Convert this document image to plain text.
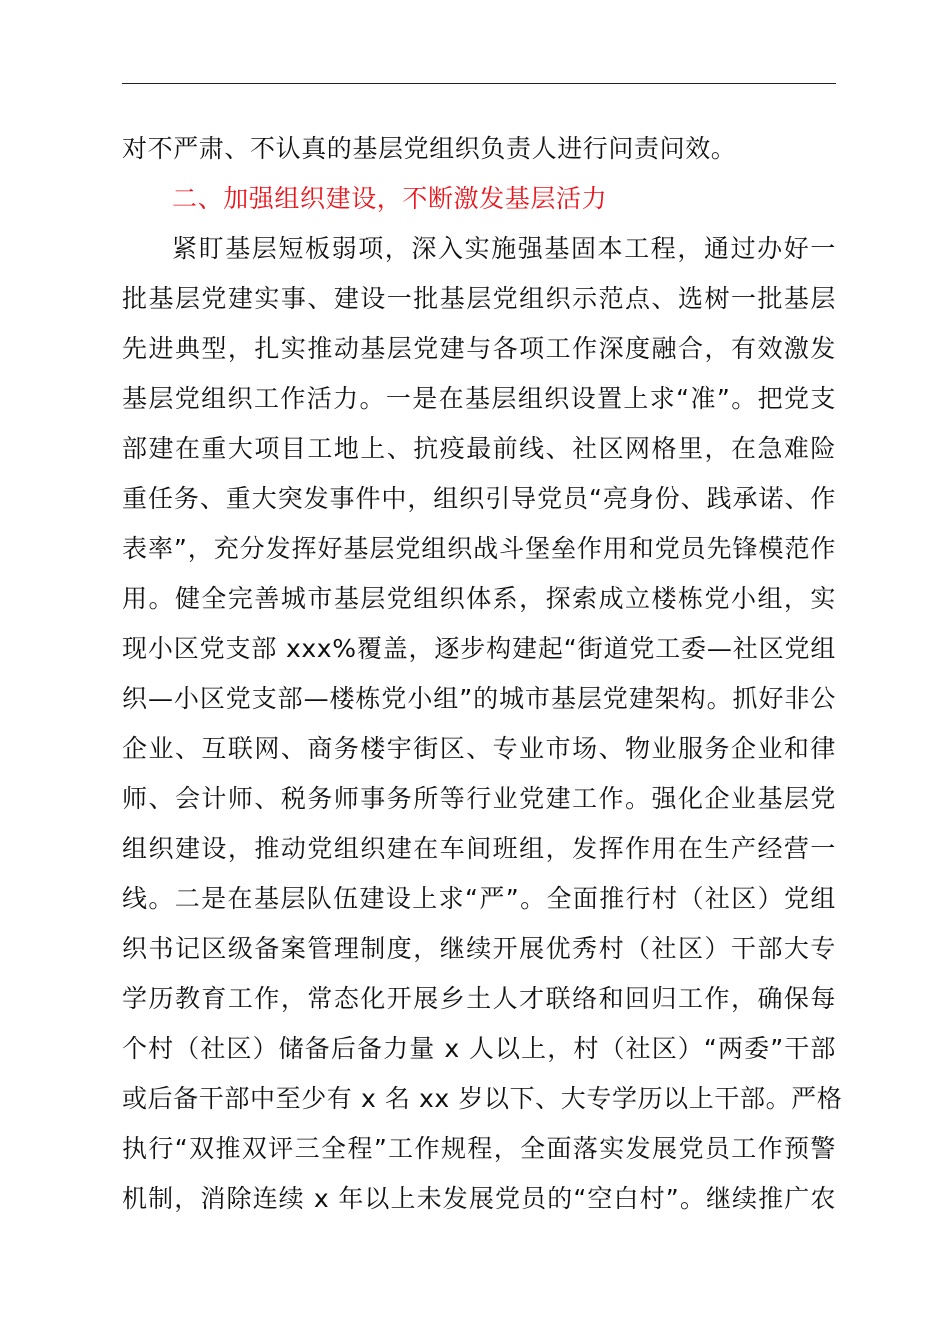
对不严肃、不认真的基层党组织负责人进行问责问效。
二、加强组织建设，不断激发基层活力
紧盯基层短板弱项，深入实施强基固本工程，通过办好一
批基层党建实事、建设一批基层党组织示范点、选树一批基层
先进典型，扎实推动基层党建与各项工作深度融合，有效激发
基层党组织工作活力。一是在基层组织设置上求“准”。把党支
部建在重大项目工地上、抗疫最前线、社区网格里，在急难险
重任务、重大突发事件中，组织引导党员“亮身份、践承诺、作
表率”，充分发挥好基层党组织战斗堡垒作用和党员先锋模范作
用。健全完善城市基层党组织体系，探索成立楼栋党小组，实
现小区党支部 xxx%覆盖，逐步构建起“街道党工委—社区党组
织—小区党支部—楼栋党小组”的城市基层党建架构。抓好非公
企业、互联网、商务楼宇街区、专业市场、物业服务企业和律
师、会计师、税务师事务所等行业党建工作。强化企业基层党
组织建设，推动党组织建在车间班组，发挥作用在生产经营一
线。二是在基层队伍建设上求“严”。全面推行村（社区）党组
织书记区级备案管理制度，继续开展优秀村（社区）干部大专
学历教育工作，常态化开展乡土人才联络和回归工作，确保每
个村（社区）储备后备力量 x 人以上，村（社区）“两委”干部
或后备干部中至少有 x 名 xx 岁以下、大专学历以上干部。严格
执行“双推双评三全程”工作规程，全面落实发展党员工作预警
机制，消除连续 x 年以上未发展党员的“空白村”。继续推广农
